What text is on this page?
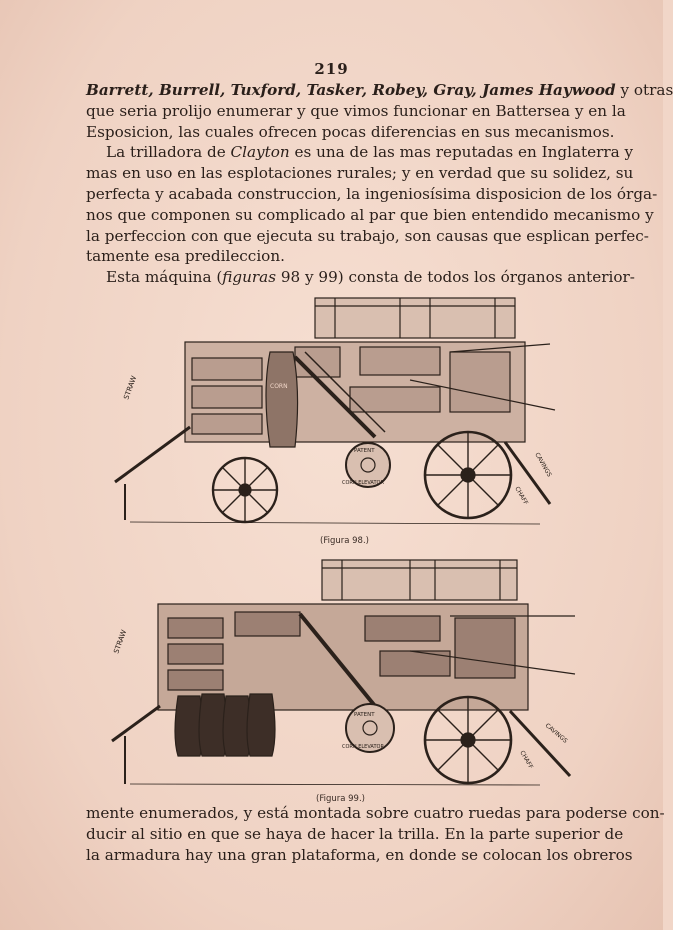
219
Barrett, Burrell, Tuxford, Tasker, Robey, Gray, James Haywood y otras
que seria prolijo enumerar y que vimos funcionar en Battersea y en la
Esposicion, las cuales ofrecen pocas diferencias en sus mecanismos.
La trilladora de Clayton es una de las mas reputadas en Inglaterra y
mas en uso en las esplotaciones rurales; y en verdad que su solidez, su
perfecta y acabada construccion, la ingeniosísima disposicion de los órga-
nos que componen su complicado al par que bien entendido mecanismo y
la perfeccion con que ejecuta su trabajo, son causas que esplican perfec-
tamente esa predileccion.
Esta máquina (figuras 98 y 99) consta de todos los órganos anterior-
STRAW	CORN
PATENT
CORN ELEVATOR
CAVINGS
CHAFF
(Figura 98.)
STRAW
PATENT
CORN ELEVATOR
CAVINGS
CHAFF
(Figura 99.)
mente enumerados, y está montada sobre cuatro ruedas para poderse con-
ducir al sitio en que se haya de hacer la trilla. En la parte superior de
la armadura hay una gran plataforma, en donde se colocan los obreros
